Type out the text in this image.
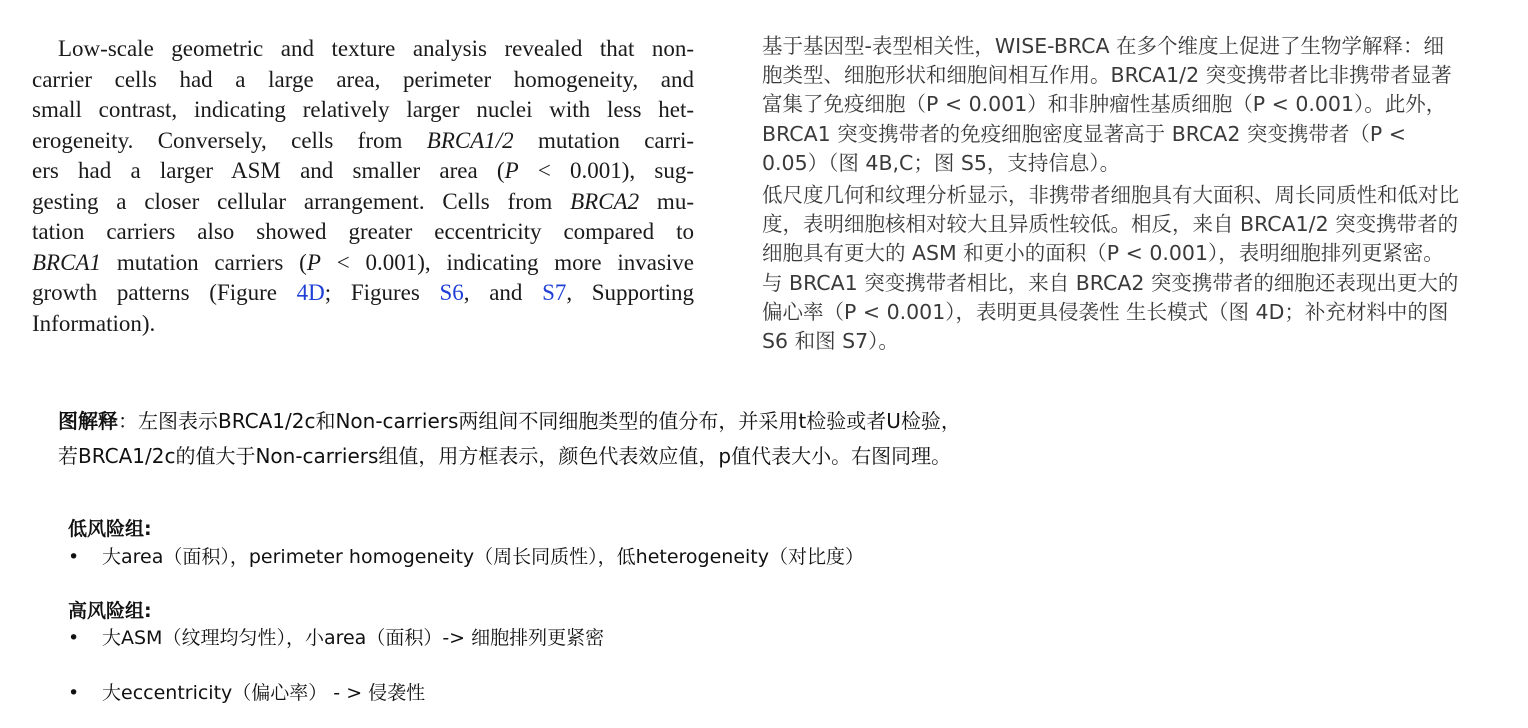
Low-scale geometric and texture analysis revealed that non-
carrier cells had a large area, perimeter homogeneity, and
small contrast, indicating relatively larger nuclei with less het-
erogeneity. Conversely, cells from BRCA1/2 mutation carri-
ers had a larger ASM and smaller area (P < 0.001), sug-
gesting a closer cellular arrangement. Cells from BRCA2 mu-
tation carriers also showed greater eccentricity compared to
BRCA1 mutation carriers (P < 0.001), indicating more invasive
growth patterns (Figure 4D; Figures S6, and S7, Supporting
Information).

基于基因型-表型相关性，WISE-BRCA 在多个维度上促进了生物学解释：细胞类型、细胞形状和细胞间相互作用。BRCA1/2 突变携带者比非携带者显著富集了免疫细胞（P < 0.001）和非肿瘤性基质细胞（P < 0.001）。此外，BRCA1 突变携带者的免疫细胞密度显著高于 BRCA2 突变携带者（P < 0.05）（图 4B,C；图 S5，支持信息）。

低尺度几何和纹理分析显示，非携带者细胞具有大面积、周长同质性和低对比度，表明细胞核相对较大且异质性较低。相反，来自 BRCA1/2 突变携带者的细胞具有更大的 ASM 和更小的面积（P < 0.001），表明细胞排列更紧密。与 BRCA1 突变携带者相比，来自 BRCA2 突变携带者的细胞还表现出更大的偏心率（P < 0.001），表明更具侵袭性 生长模式（图 4D；补充材料中的图 S6 和图 S7）。

图解释：左图表示BRCA1/2c和Non-carriers两组间不同细胞类型的值分布，并采用t检验或者U检验，
若BRCA1/2c的值大于Non-carriers组值，用方框表示，颜色代表效应值，p值代表大小。右图同理。
低风险组:
• 大area（面积），perimeter homogeneity（周长同质性），低heterogeneity（对比度）
高风险组:
• 大ASM（纹理均匀性），小area（面积）-> 细胞排列更紧密
• 大eccentricity（偏心率） - > 侵袭性
